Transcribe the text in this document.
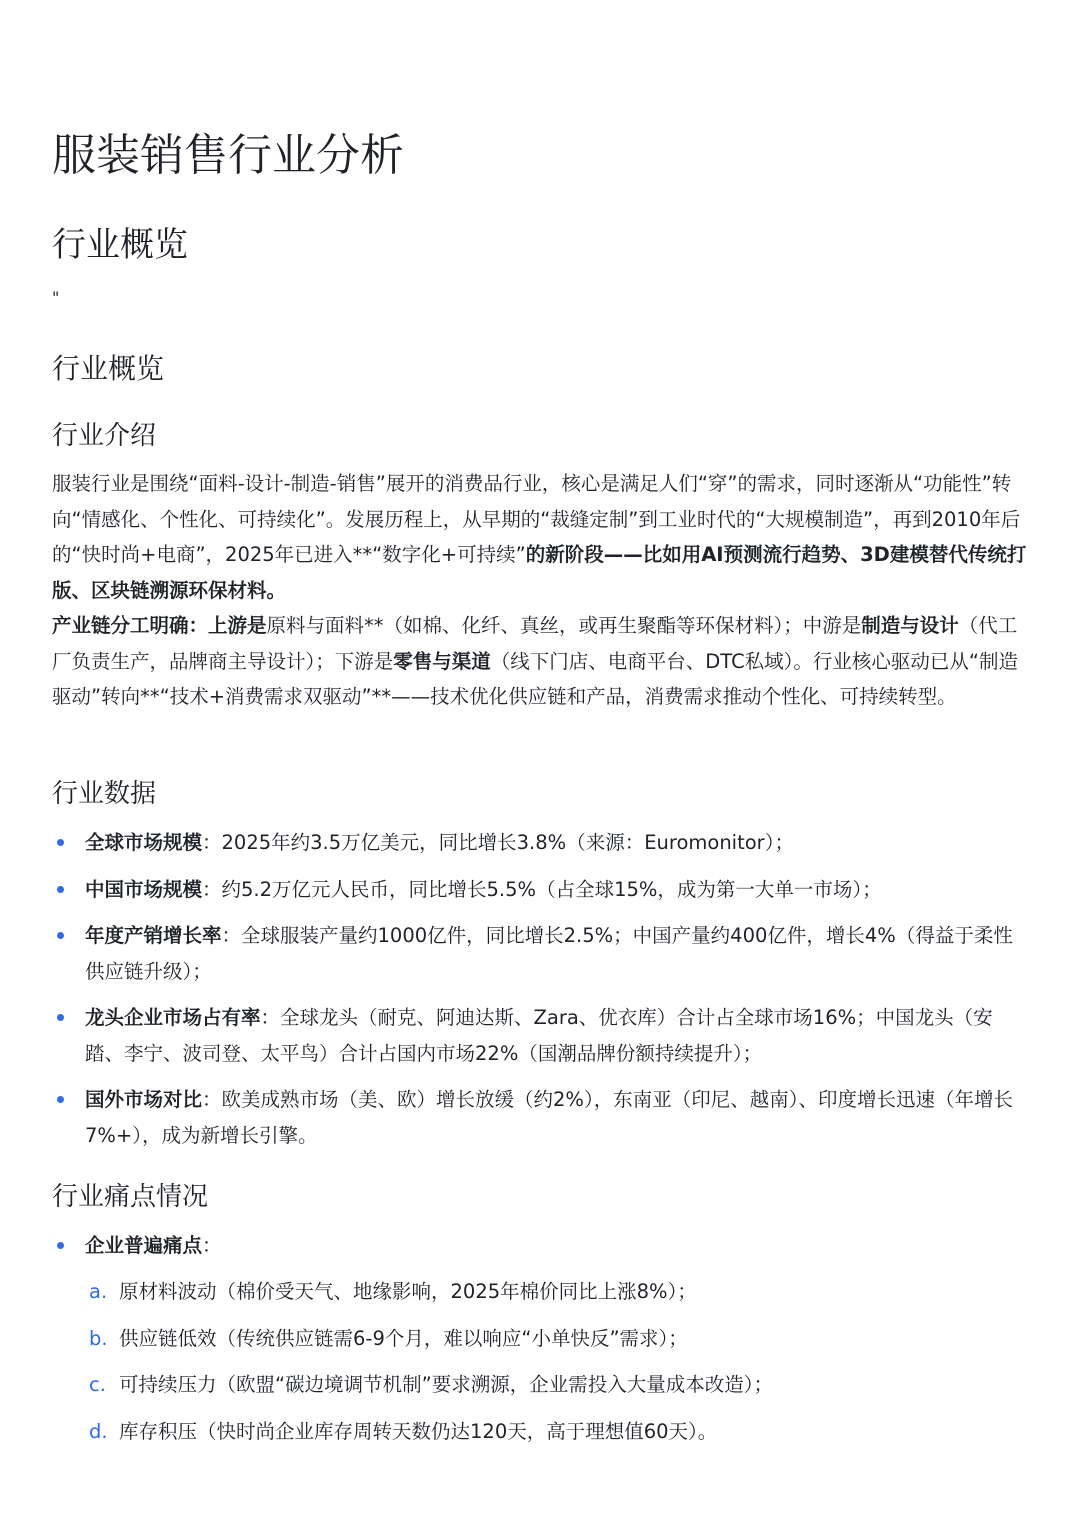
服装销售行业分析
行业概览
"
行业概览
行业介绍

服装行业是围绕“面料-设计-制造-销售”展开的消费品行业，核心是满足人们“穿”的需求，同时逐渐从“功能性”转向“情感化、个性化、可持续化”。发展历程上，从早期的“裁缝定制”到工业时代的“大规模制造”，再到2010年后的“快时尚+电商”，2025年已进入**“数字化+可持续”的新阶段——比如用AI预测流行趋势、3D建模替代传统打版、区块链溯源环保材料。

产业链分工明确：上游是原料与面料**（如棉、化纤、真丝，或再生聚酯等环保材料）；中游是制造与设计（代工厂负责生产，品牌商主导设计）；下游是零售与渠道（线下门店、电商平台、DTC私域）。行业核心驱动已从“制造驱动”转向**“技术+消费需求双驱动”**——技术优化供应链和产品，消费需求推动个性化、可持续转型。

行业数据
全球市场规模：2025年约3.5万亿美元，同比增长3.8%（来源：Euromonitor）；
中国市场规模：约5.2万亿元人民币，同比增长5.5%（占全球15%，成为第一大单一市场）；
年度产销增长率：全球服装产量约1000亿件，同比增长2.5%；中国产量约400亿件，增长4%（得益于柔性供应链升级）；
龙头企业市场占有率：全球龙头（耐克、阿迪达斯、Zara、优衣库）合计占全球市场16%；中国龙头（安踏、李宁、波司登、太平鸟）合计占国内市场22%（国潮品牌份额持续提升）；
国外市场对比：欧美成熟市场（美、欧）增长放缓（约2%），东南亚（印尼、越南）、印度增长迅速（年增长7%+），成为新增长引擎。
行业痛点情况
企业普遍痛点：
a. 原材料波动（棉价受天气、地缘影响，2025年棉价同比上涨8%）；
b. 供应链低效（传统供应链需6-9个月，难以响应“小单快反”需求）；
c. 可持续压力（欧盟“碳边境调节机制”要求溯源，企业需投入大量成本改造）；
d. 库存积压（快时尚企业库存周转天数仍达120天，高于理想值60天）。
